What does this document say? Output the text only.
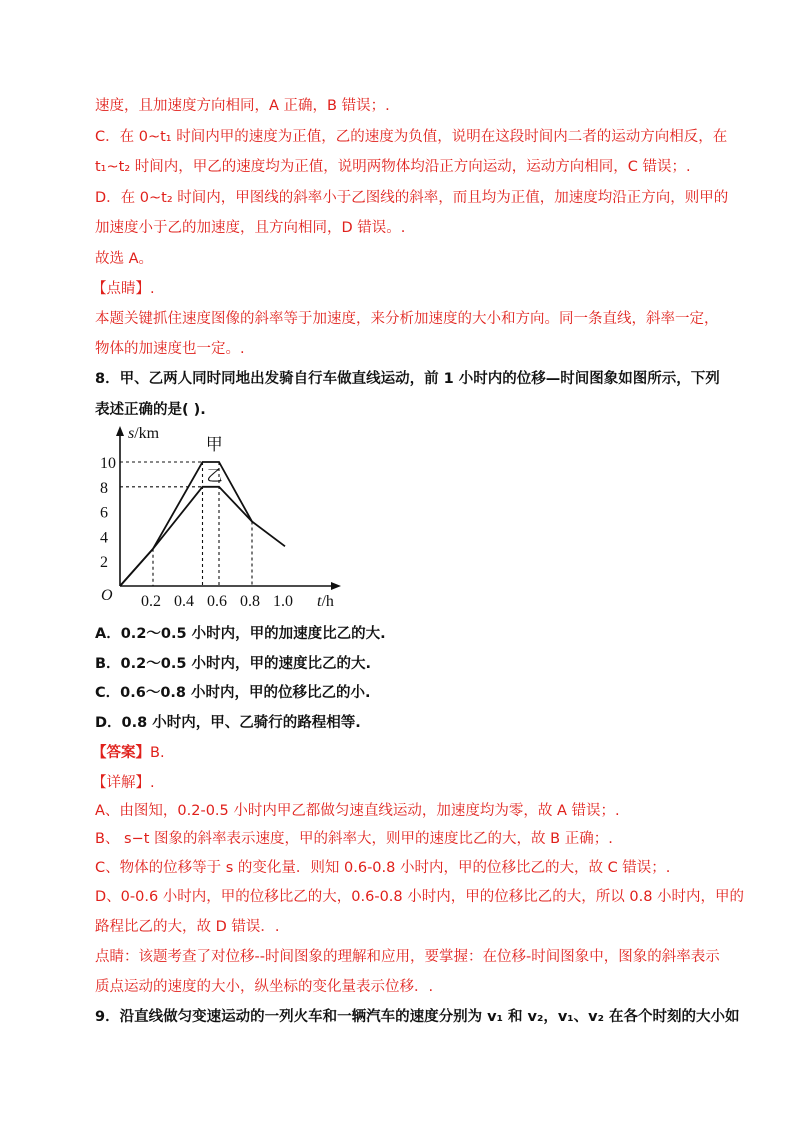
速度，且加速度方向相同，A 正确，B 错误；.
C．在 0~t₁ 时间内甲的速度为正值，乙的速度为负值，说明在这段时间内二者的运动方向相反，在
t₁~t₂ 时间内，甲乙的速度均为正值，说明两物体均沿正方向运动，运动方向相同，C 错误；.
D．在 0~t₂ 时间内，甲图线的斜率小于乙图线的斜率，而且均为正值，加速度均沿正方向，则甲的
加速度小于乙的加速度，且方向相同，D 错误。.
故选 A。
【点睛】.
本题关键抓住速度图像的斜率等于加速度，来分析加速度的大小和方向。同一条直线，斜率一定，
物体的加速度也一定。.
8．甲、乙两人同时同地出发骑自行车做直线运动，前 1 小时内的位移—时间图象如图所示，下列
表述正确的是( ).
s/km
t/h
O
2
4
6
8
10
0.2 0.4 0.6 0.8 1.0
甲
乙
A．0.2～0.5 小时内，甲的加速度比乙的大.
B．0.2～0.5 小时内，甲的速度比乙的大.
C．0.6～0.8 小时内，甲的位移比乙的小.
D．0.8 小时内，甲、乙骑行的路程相等.
【答案】B.
【详解】.
A、由图知，0.2-0.5 小时内甲乙都做匀速直线运动，加速度均为零，故 A 错误；.
B、 s−t 图象的斜率表示速度，甲的斜率大，则甲的速度比乙的大，故 B 正确；.
C、物体的位移等于 s 的变化量．则知 0.6-0.8 小时内，甲的位移比乙的大，故 C 错误；.
D、0-0.6 小时内，甲的位移比乙的大，0.6-0.8 小时内，甲的位移比乙的大，所以 0.8 小时内，甲的
路程比乙的大，故 D 错误．.
点睛：该题考查了对位移--时间图象的理解和应用，要掌握：在位移-时间图象中，图象的斜率表示
质点运动的速度的大小，纵坐标的变化量表示位移．.
9．沿直线做匀变速运动的一列火车和一辆汽车的速度分别为 v₁ 和 v₂，v₁、v₂ 在各个时刻的大小如
